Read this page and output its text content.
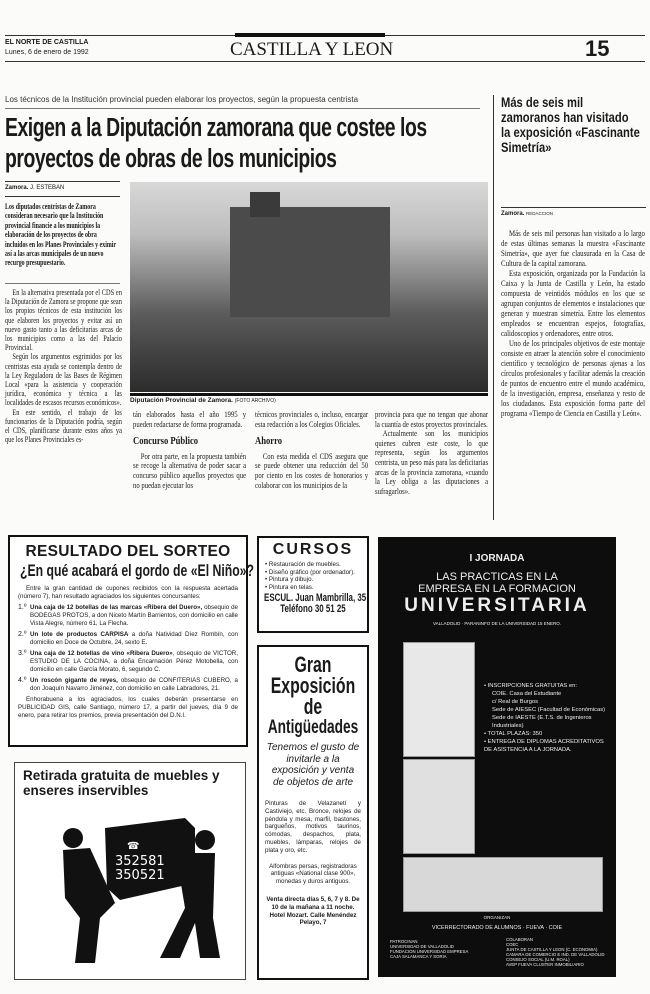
EL NORTE DE CASTILLA
Lunes, 6 de enero de 1992	CASTILLA Y LEON	15
Los técnicos de la Institución provincial pueden elaborar los proyectos, según la propuesta centrista
Exigen a la Diputación zamorana que costee los proyectos de obras de los municipios
Zamora. J. ESTEBAN
Los diputados centristas de Zamora consideran necesario que la Institución provincial financie a los municipios la elaboración de los proyectos de obra incluidos en los Planes Provinciales y eximir así a las arcas municipales de un nuevo recurgo presupuestario.

En la alternativa presentada por el CDS en la Diputación de Zamora se propone que sean los propios técnicos de esta institución los que elaboren los proyectos y evitar así un nuevo gasto tanto a las deficitarias arcas de los municipios como a las del Palacio Provincial.

Según los argumentos esgrimidos por los centristas esta ayuda se contempla dentro de la Ley Reguladora de las Bases de Régimen Local «para la asistencia y cooperación jurídica, económica y técnica a las localidades de escasos recursos económicos».

En este sentido, el trabajo de los funcionarios de la Diputación podría, según el CDS, planificarse durante estos años ya que los Planes Provinciales es-

Diputación Provincial de Zamora. (FOTO ARCHIVO)
tán elaborados hasta el año 1995 y pueden redactarse de forma programada.
Concurso Público

Por otra parte, en la propuesta también se recoge la alternativa de poder sacar a concurso público aquellos proyectos que no puedan ejecutar los

técnicos provinciales o, incluso, encargar esta redacción a los Colegios Oficiales.
Ahorro

Con esta medida el CDS asegura que se puede obtener una reducción del 50 por ciento en los costes de honorarios y colaborar con los municipios de la

provincia para que no tengan que abonar la cuantía de estos proyectos provinciales.

Actualmente son los municipios quienes cubren este coste, lo que representa, según los argumentos centrista, un peso más para las deficitarias arcas de la provincia zamorana, «cuando la Ley obliga a las diputaciones a sufragarlos».

Más de seis mil zamoranos han visitado la exposición «Fascinante Simetría»
Zamora. REDACCION

Más de seis mil personas han visitado a lo largo de estas últimas semanas la muestra «Fascinante Simetría», que ayer fue clausurada en la Casa de Cultura de la capital zamorana.

Esta exposición, organizada por la Fundación la Caixa y la Junta de Castilla y León, ha estado compuesta de veintidós módulos en los que se agrupan conjuntos de elementos e instalaciones que generan y muestran simetría. Entre los elementos empleados se encuentran espejos, fotografías, calidoscopios y ordenadores, entre otros.

Uno de los principales objetivos de este montaje consiste en atraer la atención sobre el conocimiento científico y tecnológico de personas ajenas a los círculos profesionales y facilitar además la creación de puntos de encuentro entre el mundo académico, de la investigación, empresa, enseñanza y resto de los ciudadanos. Esta exposición forma parte del programa «Tiempo de Ciencia en Castilla y León».

RESULTADO DEL SORTEO
¿En qué acabará el gordo de «El Niño»?
Entre la gran cantidad de cupones recibidos con la respuesta acertada (número 7), han resultado agraciados los siguientes concursantes:
1.º Una caja de 12 botellas de las marcas «Ribera del Duero», obsequio de BODEGAS PROTOS, a don Niceto Martín Barrientos, con domicilio en calle Vista Alegre, número 61, La Flecha.
2.º Un lote de productos CARPISA a doña Natividad Díez Rombín, con domicilio en Doce de Octubre, 24, sexto E.
3.º Una caja de 12 botellas de vino «Ribera Duero», obsequio de VICTOR, ESTUDIO DE LA COCINA, a doña Encarnación Pérez Motobella, con domicilio en calle García Morato, 6, segundo C.
4.º Un roscón gigante de reyes, obsequio de CONFITERIAS CUBERO, a don Joaquín Navarro Jiménez, con domicilio en calle Labradores, 21.
Enhorabuena a los agraciados, los cuales deberán presentarse en PUBLICIDAD GIS, calle Santiago, número 17, a partir del jueves, día 9 de enero, para retirar los premios, previa presentación del D.N.I.
Retirada gratuita de muebles y enseres inservibles
☎
352581
350521
CURSOS
• Restauración de muebles.
• Diseño gráfico (por ordenador).
• Pintura y dibujo.
• Pintura en telas.
ESCUL. Juan Mambrilla, 35
Teléfono 30 51 25
Gran
Exposición
de
Antigüedades
Tenemos el gusto de invitarle a la exposición y venta de objetos de arte
Pinturas de Velazanetí y Castiviejo, etc. Bronce, relojes de péndola y mesa, marfil, bastones, bargueños, motivos taurinos, cómodas, despachos, plata, muebles, lámparas, relojes de plata y oro, etc.
Alfombras persas, registradoras antiguas «National clase 900», monedas y duros antiguos.
Venta directa días 5, 6, 7 y 8. De 10 de la mañana a 11 noche. Hotel Mozart. Calle Menéndez Pelayo, 7
I JORNADA
LAS PRACTICAS EN LA
EMPRESA EN LA FORMACION
UNIVERSITARIA
VALLADOLID · PARANINFO DE LA UNIVERSIDAD 15 ENERO.
• INSCRIPCIONES GRATUITAS en:
COIE. Casa del Estudiante
c/ Real de Burgos
Sede de AIESEC (Facultad de Económicas)
Sede de IAESTE (E.T.S. de Ingenieros Industriales)
• TOTAL PLAZAS: 350
• ENTREGA DE DIPLOMAS ACREDITATIVOS DE ASISTENCIA A LA JORNADA.
ORGANIZAN
VICERRECTORADO DE ALUMNOS · FUEVA · COIE
PATROCINAN
UNIVERSIDAD DE VALLADOLID
FUNDACION UNIVERSIDAD EMPRESA
CAJA SALAMANCA Y SORIA
COLABORAN
COEC
JUNTA DE CASTILLA Y LEON (C. ECONOMIA)
CAMARA DE COMERCIO E IND. DE VALLADOLID
CONSEJO SOCIAL (U.M. ROAL)
AVEP FUEVA CLUSTER INMOBILIARIO
